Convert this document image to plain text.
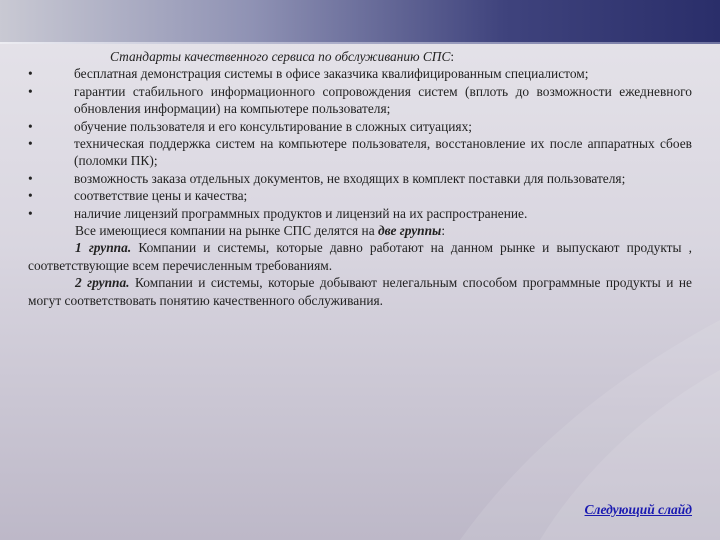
Стандарты качественного сервиса по обслуживанию СПС:

•	бесплатная демонстрация системы в офисе заказчика квалифицированным специалистом;
•	гарантии стабильного информационного сопровождения систем (вплоть до возможности ежедневного обновления информации) на компьютере пользователя;
•	обучение пользователя и его консультирование в сложных ситуациях;
•	техническая поддержка систем на компьютере пользователя, восстановление их после аппаратных сбоев (поломки ПК);
•	возможность заказа отдельных документов, не входящих в комплект поставки для пользователя;
•	соответствие цены и качества;
•	наличие лицензий программных продуктов и лицензий на их распространение.

Все имеющиеся компании на рынке СПС делятся на две группы:

1 группа. Компании и системы, которые давно работают на данном рынке и выпускают продукты , соответствующие всем перечисленным требованиям.

2 группа. Компании и системы, которые добывают нелегальным способом программные продукты и не могут соответствовать понятию качественного обслуживания.

Следующий слайд
